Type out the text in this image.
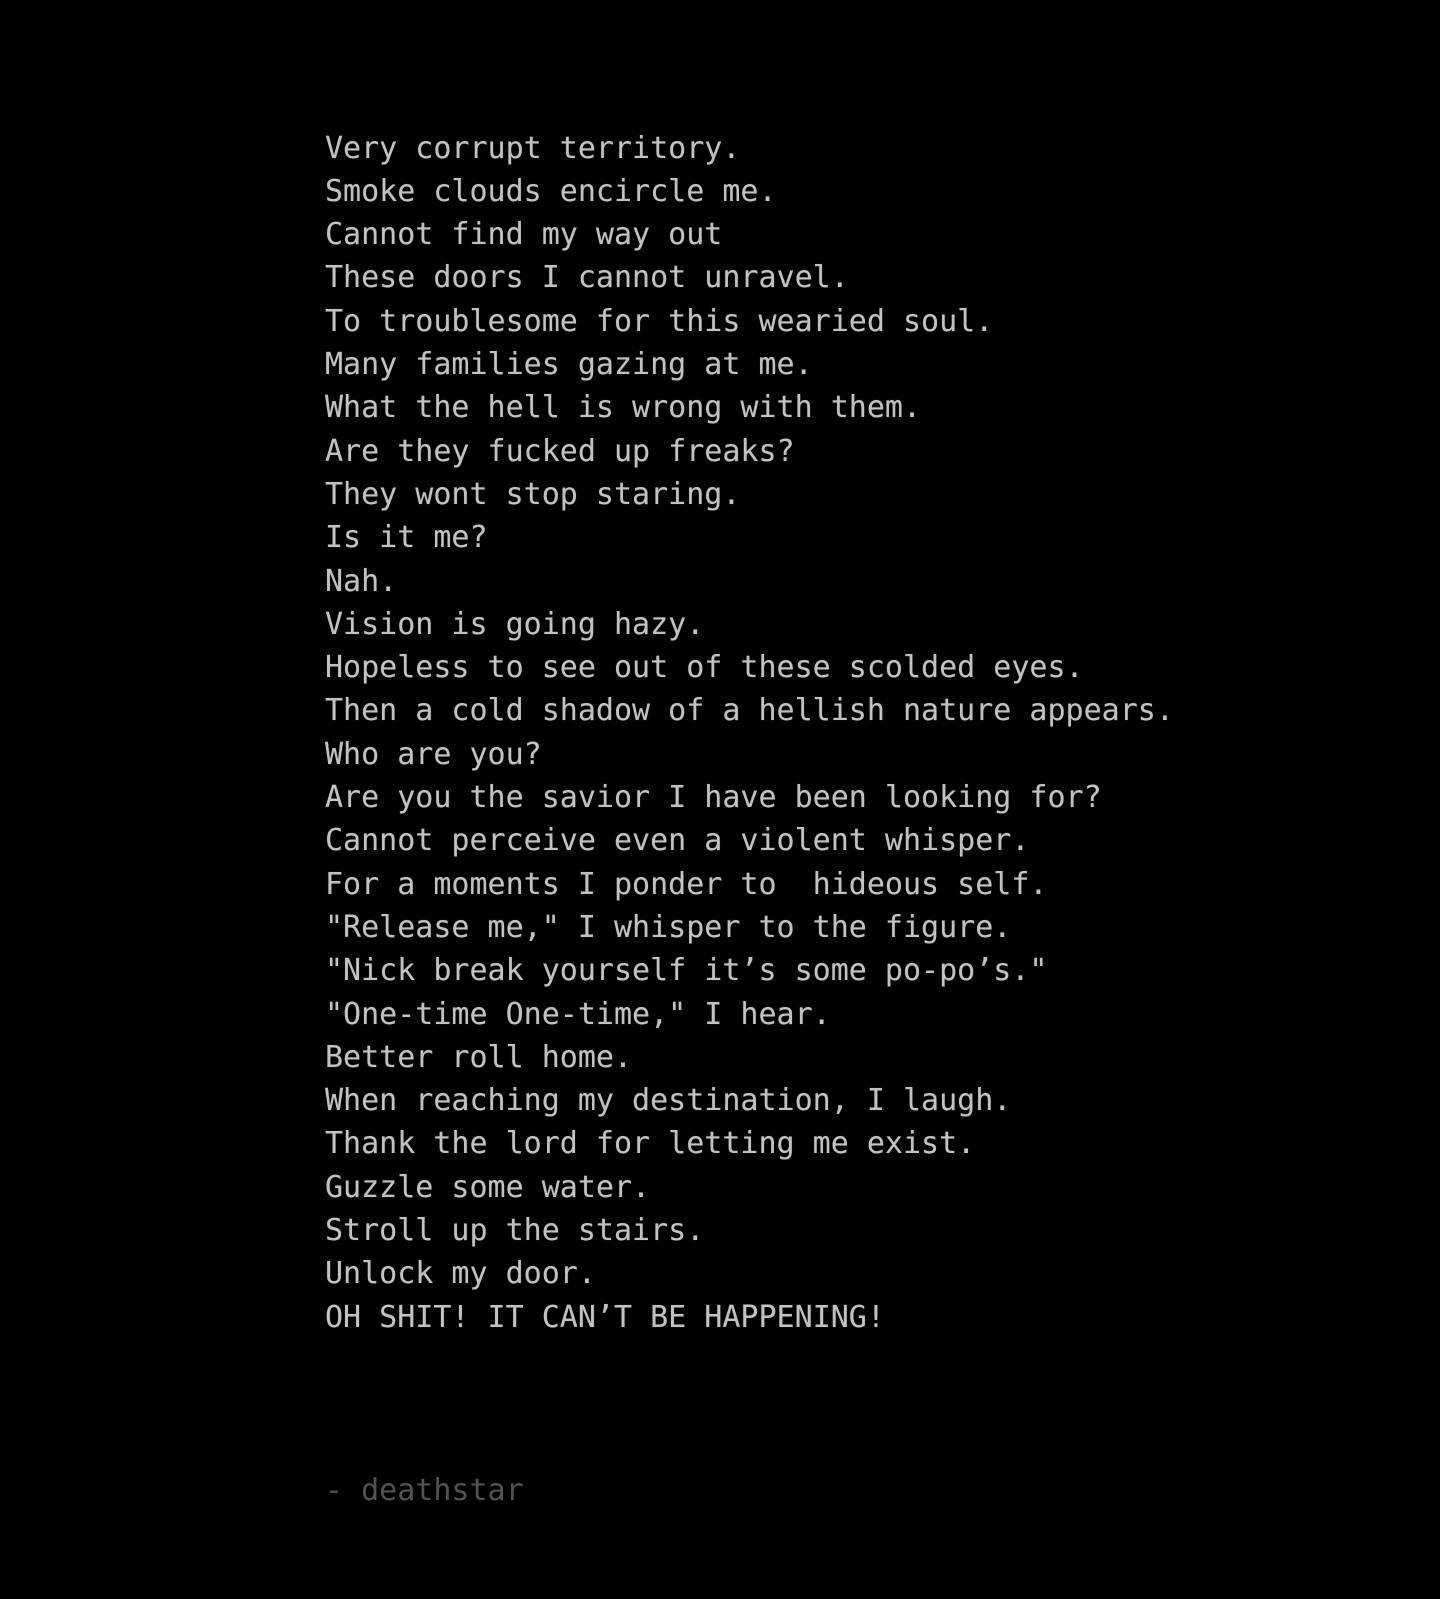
Very corrupt territory.
Smoke clouds encircle me.
Cannot find my way out
These doors I cannot unravel.
To troublesome for this wearied soul.
Many families gazing at me.
What the hell is wrong with them.
Are they fucked up freaks?
They wont stop staring.
Is it me?
Nah.
Vision is going hazy.
Hopeless to see out of these scolded eyes.
Then a cold shadow of a hellish nature appears.
Who are you?
Are you the savior I have been looking for?
Cannot perceive even a violent whisper.
For a moments I ponder to  hideous self.
"Release me," I whisper to the figure.
"Nick break yourself it’s some po-po’s."
"One-time One-time," I hear.
Better roll home.
When reaching my destination, I laugh.
Thank the lord for letting me exist.
Guzzle some water.
Stroll up the stairs.
Unlock my door.
OH SHIT! IT CAN’T BE HAPPENING!

- deathstar
